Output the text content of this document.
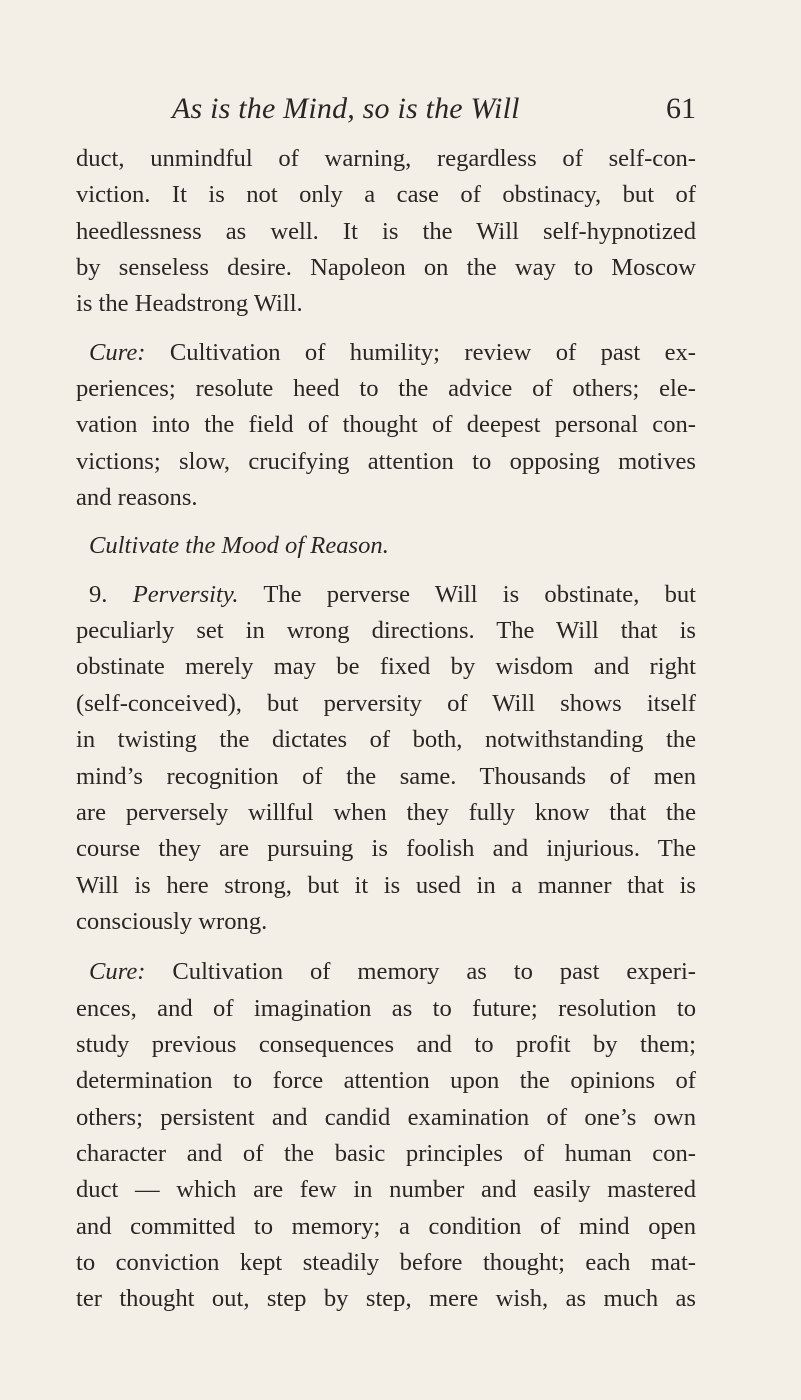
As is the Mind, so is the Will	61
duct, unmindful of warning, regardless of self-con-
viction. It is not only a case of obstinacy, but of
heedlessness as well. It is the Will self-hypnotized
by senseless desire. Napoleon on the way to Moscow
is the Headstrong Will.
Cure: Cultivation of humility; review of past ex-
periences; resolute heed to the advice of others; ele-
vation into the field of thought of deepest personal con-
victions; slow, crucifying attention to opposing motives
and reasons.
Cultivate the Mood of Reason.
9. Perversity. The perverse Will is obstinate, but
peculiarly set in wrong directions. The Will that is
obstinate merely may be fixed by wisdom and right
(self-conceived), but perversity of Will shows itself
in twisting the dictates of both, notwithstanding the
mind’s recognition of the same. Thousands of men
are perversely willful when they fully know that the
course they are pursuing is foolish and injurious. The
Will is here strong, but it is used in a manner that is
consciously wrong.
Cure: Cultivation of memory as to past experi-
ences, and of imagination as to future; resolution to
study previous consequences and to profit by them;
determination to force attention upon the opinions of
others; persistent and candid examination of one’s own
character and of the basic principles of human con-
duct — which are few in number and easily mastered
and committed to memory; a condition of mind open
to conviction kept steadily before thought; each mat-
ter thought out, step by step, mere wish, as much as
